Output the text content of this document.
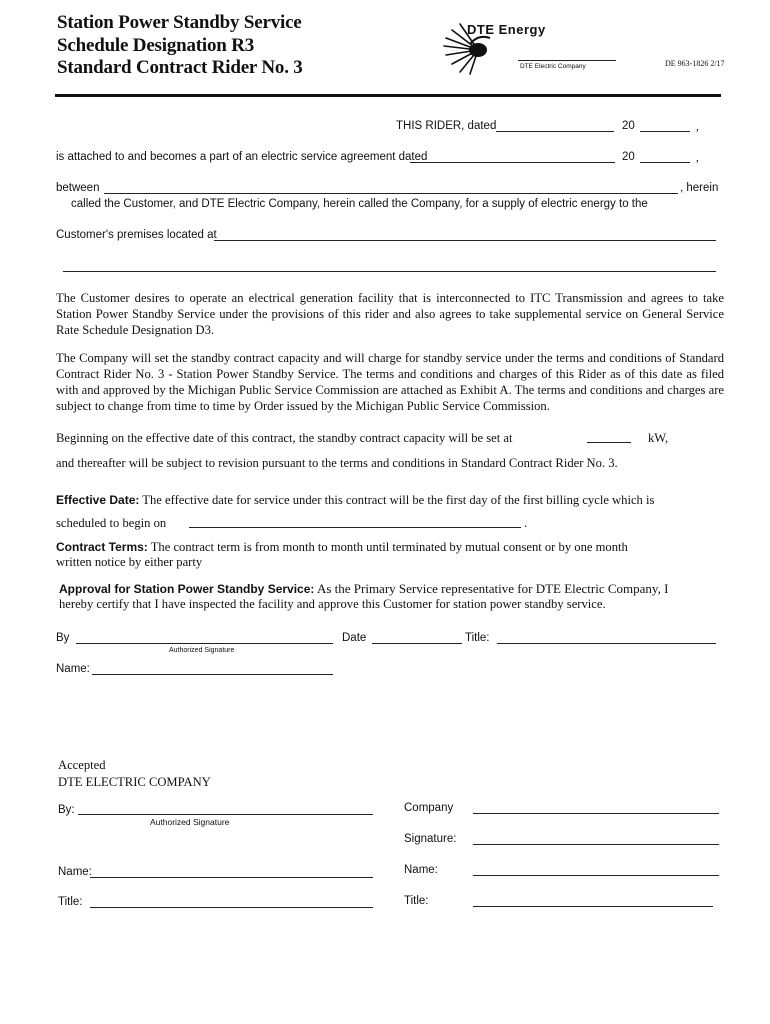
Station Power Standby Service
Schedule Designation R3
Standard Contract Rider No. 3
DTE Energy
DTE Electric Company	DE 963-1826 2/17
THIS RIDER, dated	20	,
is attached to and becomes a part of an electric service agreement dated	20	,
between	, herein
called the Customer, and DTE Electric Company, herein called the Company, for a supply of electric energy to the
Customer's premises located at
The Customer desires to operate an electrical generation facility that is interconnected to ITC Transmission and agrees to take Station Power Standby Service under the provisions of this rider and also agrees to take supplemental service on General Service Rate Schedule Designation D3.
The Company will set the standby contract capacity and will charge for standby service under the terms and conditions of Standard Contract Rider No. 3 - Station Power Standby Service. The terms and conditions and charges of this Rider as of this date as filed with and approved by the Michigan Public Service Commission are attached as Exhibit A. The terms and conditions and charges are subject to change from time to time by Order issued by the Michigan Public Service Commission.
Beginning on the effective date of this contract, the standby contract capacity will be set at	kW,
and thereafter will be subject to revision pursuant to the terms and conditions in Standard Contract Rider No. 3.
Effective Date: The effective date for service under this contract will be the first day of the first billing cycle which is
scheduled to begin on	.
Contract Terms: The contract term is from month to month until terminated by mutual consent or by one month
written notice by either party
Approval for Station Power Standby Service: As the Primary Service representative for DTE Electric Company, I
hereby certify that I have inspected the facility and approve this Customer for station power standby service.
By	Date	Title:
Authorized Signature
Name:
Accepted
DTE ELECTRIC COMPANY
By:
Authorized Signature
Name:
Title:
Company
Signature:
Name:
Title:
